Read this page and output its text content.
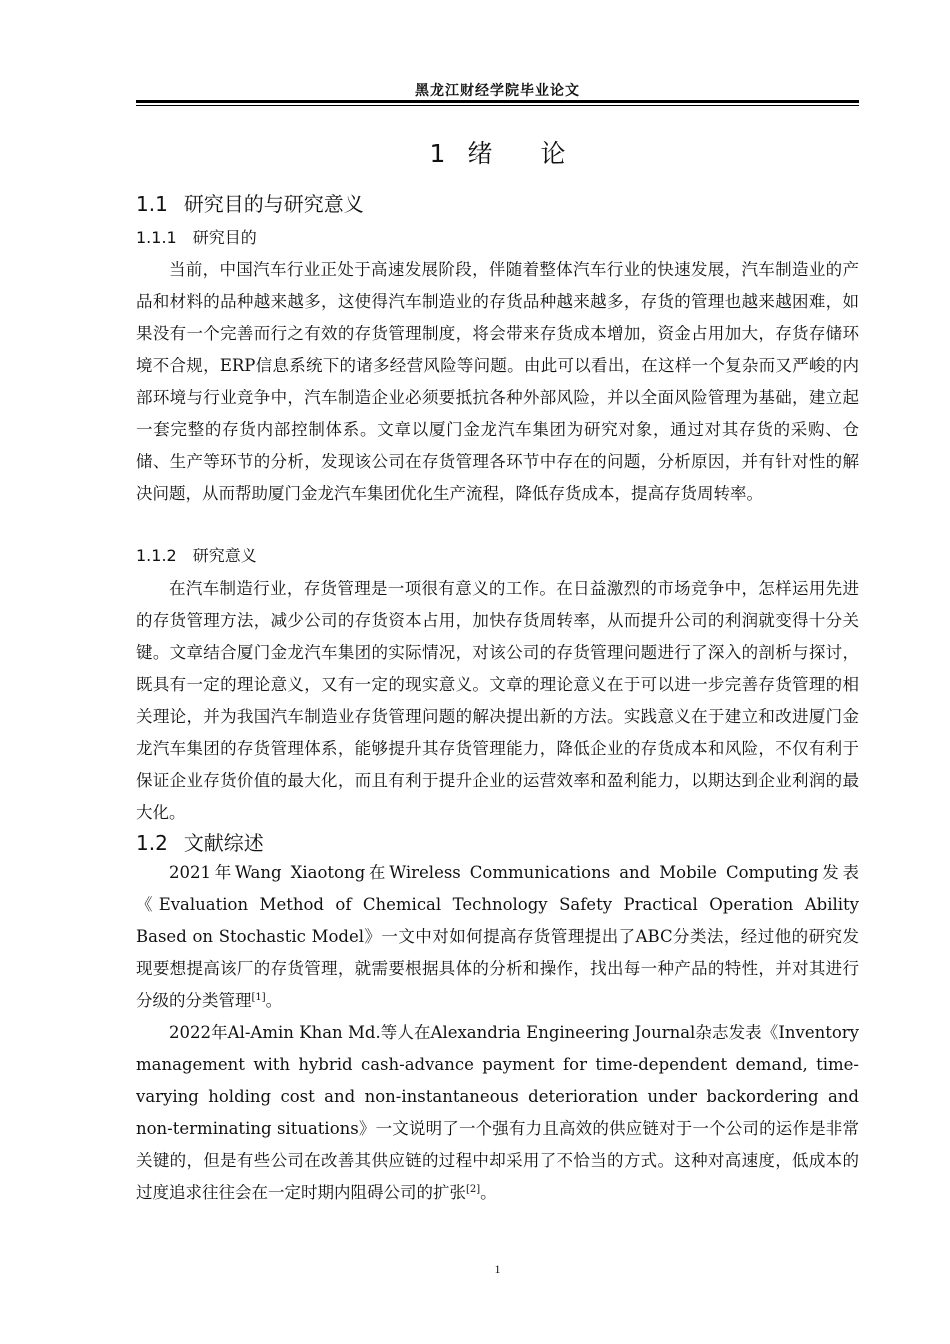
黑龙江财经学院毕业论文
1 绪 论
1.1 研究目的与研究意义
1.1.1 研究目的

当前，中国汽车行业正处于高速发展阶段，伴随着整体汽车行业的快速发展，汽车制造业的产品和材料的品种越来越多，这使得汽车制造业的存货品种越来越多，存货的管理也越来越困难，如果没有一个完善而行之有效的存货管理制度，将会带来存货成本增加，资金占用加大，存货存储环境不合规，ERP信息系统下的诸多经营风险等问题。由此可以看出，在这样一个复杂而又严峻的内部环境与行业竞争中，汽车制造企业必须要抵抗各种外部风险，并以全面风险管理为基础，建立起一套完整的存货内部控制体系。文章以厦门金龙汽车集团为研究对象，通过对其存货的采购、仓储、生产等环节的分析，发现该公司在存货管理各环节中存在的问题，分析原因，并有针对性的解决问题，从而帮助厦门金龙汽车集团优化生产流程，降低存货成本，提高存货周转率。

1.1.2 研究意义

在汽车制造行业，存货管理是一项很有意义的工作。在日益激烈的市场竞争中，怎样运用先进的存货管理方法，减少公司的存货资本占用，加快存货周转率，从而提升公司的利润就变得十分关键。文章结合厦门金龙汽车集团的实际情况，对该公司的存货管理问题进行了深入的剖析与探讨，既具有一定的理论意义，又有一定的现实意义。文章的理论意义在于可以进一步完善存货管理的相关理论，并为我国汽车制造业存货管理问题的解决提出新的方法。实践意义在于建立和改进厦门金龙汽车集团的存货管理体系，能够提升其存货管理能力，降低企业的存货成本和风险，不仅有利于保证企业存货价值的最大化，而且有利于提升企业的运营效率和盈利能力，以期达到企业利润的最大化。

1.2 文献综述

2021年Wang Xiaotong在Wireless Communications and Mobile Computing发表《Evaluation Method of Chemical Technology Safety Practical Operation Ability Based on Stochastic Model》一文中对如何提高存货管理提出了ABC分类法，经过他的研究发现要想提高该厂的存货管理，就需要根据具体的分析和操作，找出每一种产品的特性，并对其进行分级的分类管理[1]。

2022年Al-Amin Khan Md.等人在Alexandria Engineering Journal杂志发表《Inventory management with hybrid cash-advance payment for time-dependent demand, time-varying holding cost and non-instantaneous deterioration under backordering and non-terminating situations》一文说明了一个强有力且高效的供应链对于一个公司的运作是非常关键的，但是有些公司在改善其供应链的过程中却采用了不恰当的方式。这种对高速度，低成本的过度追求往往会在一定时期内阻碍公司的扩张[2]。

1
